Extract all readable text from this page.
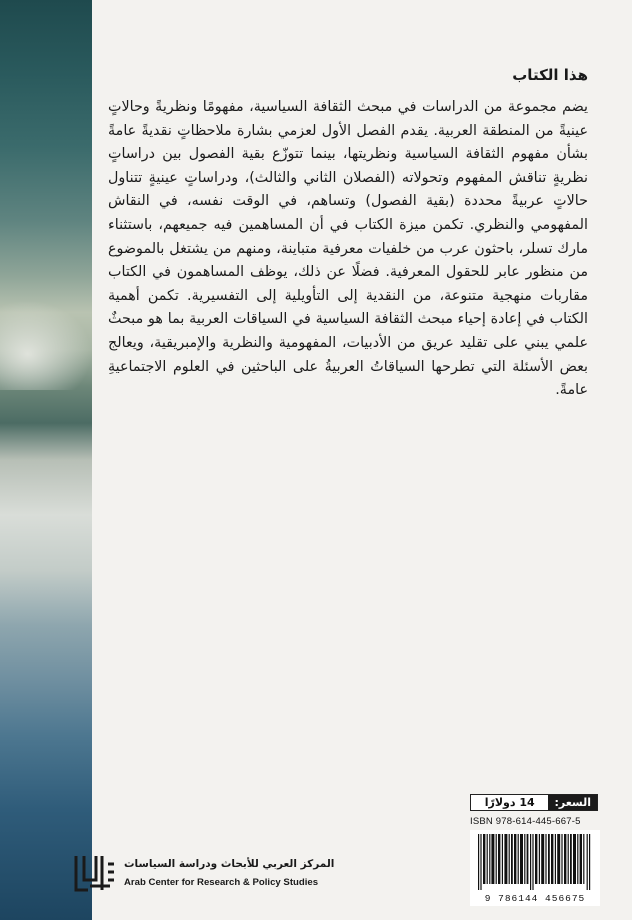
هذا الكتاب

يضم مجموعة من الدراسات في مبحث الثقافة السياسية، مفهومًا ونظريةً وحالاتٍ عينيةً من المنطقة العربية. يقدم الفصل الأول لعزمي بشارة ملاحظاتٍ نقديةً عامةً بشأن مفهوم الثقافة السياسية ونظريتها، بينما تتوزّع بقية الفصول بين دراساتٍ نظريةٍ تناقش المفهوم وتحولاته (الفصلان الثاني والثالث)، ودراساتٍ عينيةٍ تتناول حالاتٍ عربيةً محددة (بقية الفصول) وتساهم، في الوقت نفسه، في النقاش المفهومي والنظري. تكمن ميزة الكتاب في أن المساهمين فيه جميعهم، باستثناء مارك تسلر، باحثون عرب من خلفيات معرفية متباينة، ومنهم من يشتغل بالموضوع من منظور عابر للحقول المعرفية. فضلًا عن ذلك، يوظف المساهمون في الكتاب مقاربات منهجية متنوعة، من النقدية إلى التأويلية إلى التفسيرية. تكمن أهمية الكتاب في إعادة إحياء مبحث الثقافة السياسية في السياقات العربية بما هو مبحثٌ علمي يبني على تقليد عريق من الأدبيات، المفهومية والنظرية والإمبريقية، ويعالج بعض الأسئلة التي تطرحها السياقاتُ العربيةُ على الباحثين في العلوم الاجتماعيةِ عامةً.

السعر:
14 دولارًا
ISBN 978-614-445-667-5
9 786144 456675
المركز العربي للأبحاث ودراسة السياسات
Arab Center for Research & Policy Studies
